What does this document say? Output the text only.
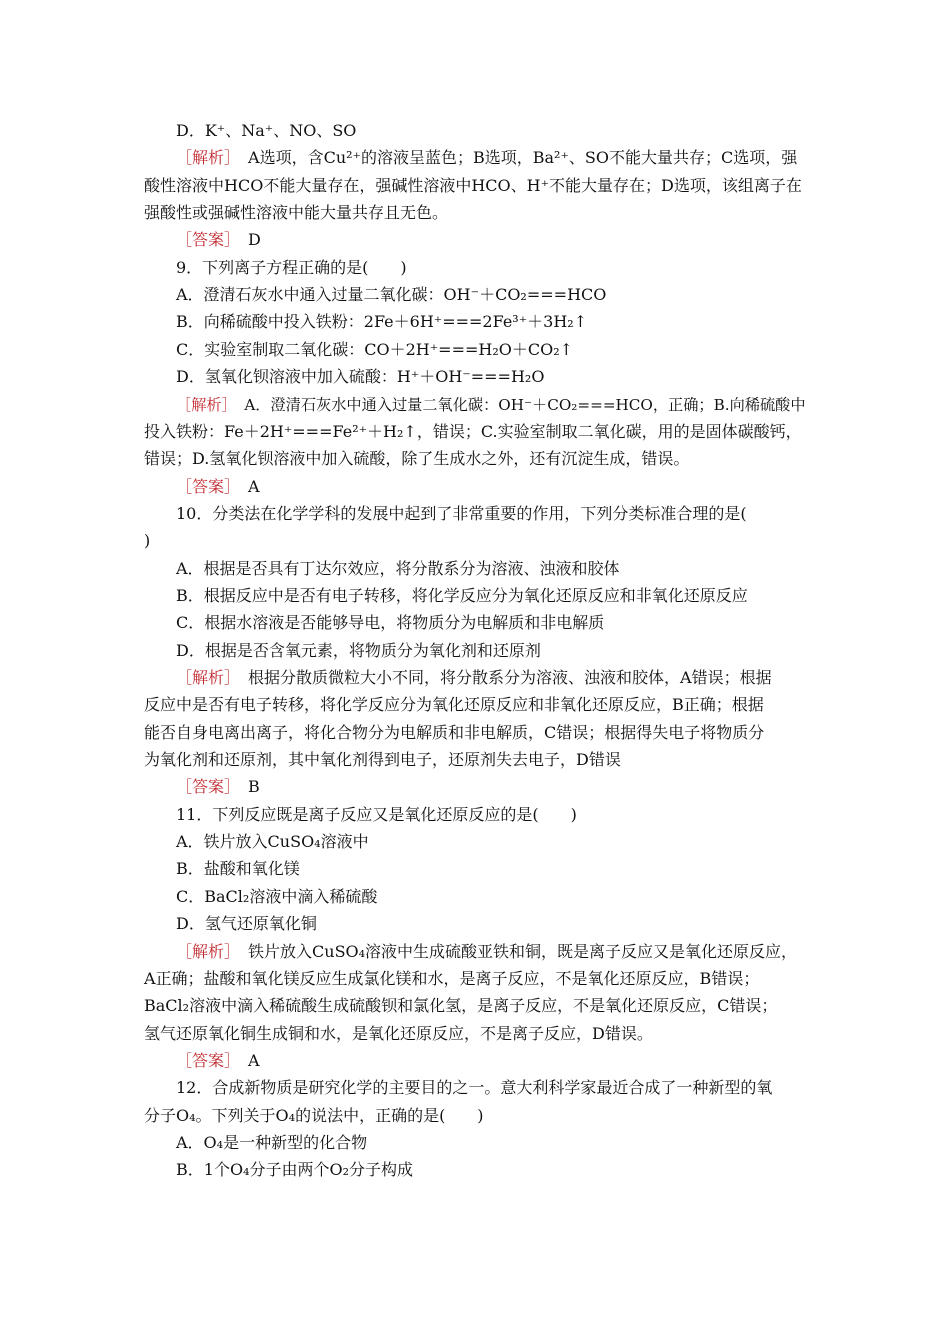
D．K⁺、Na⁺、NO、SO
［解析］　A选项，含Cu²⁺的溶液呈蓝色；B选项，Ba²⁺、SO不能大量共存；C选项，强
酸性溶液中HCO不能大量存在，强碱性溶液中HCO、H⁺不能大量存在；D选项，该组离子在
强酸性或强碱性溶液中能大量共存且无色。
［答案］　D
9．下列离子方程正确的是(　　)
A．澄清石灰水中通入过量二氧化碳：OH⁻＋CO₂===HCO
B．向稀硫酸中投入铁粉：2Fe＋6H⁺===2Fe³⁺＋3H₂↑
C．实验室制取二氧化碳：CO＋2H⁺===H₂O＋CO₂↑
D．氢氧化钡溶液中加入硫酸：H⁺＋OH⁻===H₂O
［解析］　A．澄清石灰水中通入过量二氧化碳：OH⁻＋CO₂===HCO，正确；B.向稀硫酸中
投入铁粉：Fe＋2H⁺===Fe²⁺＋H₂↑，错误；C.实验室制取二氧化碳，用的是固体碳酸钙，
错误；D.氢氧化钡溶液中加入硫酸，除了生成水之外，还有沉淀生成，错误。
［答案］　A
10．分类法在化学学科的发展中起到了非常重要的作用，下列分类标准合理的是(
)
A．根据是否具有丁达尔效应，将分散系分为溶液、浊液和胶体
B．根据反应中是否有电子转移，将化学反应分为氧化还原反应和非氧化还原反应
C．根据水溶液是否能够导电，将物质分为电解质和非电解质
D．根据是否含氧元素，将物质分为氧化剂和还原剂
［解析］　根据分散质微粒大小不同，将分散系分为溶液、浊液和胶体，A错误；根据
反应中是否有电子转移，将化学反应分为氧化还原反应和非氧化还原反应，B正确；根据
能否自身电离出离子，将化合物分为电解质和非电解质，C错误；根据得失电子将物质分
为氧化剂和还原剂，其中氧化剂得到电子，还原剂失去电子，D错误
［答案］　B
11．下列反应既是离子反应又是氧化还原反应的是(　　)
A．铁片放入CuSO₄溶液中
B．盐酸和氧化镁
C．BaCl₂溶液中滴入稀硫酸
D．氢气还原氧化铜
［解析］　铁片放入CuSO₄溶液中生成硫酸亚铁和铜，既是离子反应又是氧化还原反应，
A正确；盐酸和氧化镁反应生成氯化镁和水，是离子反应，不是氧化还原反应，B错误；
BaCl₂溶液中滴入稀硫酸生成硫酸钡和氯化氢，是离子反应，不是氧化还原反应，C错误；
氢气还原氧化铜生成铜和水，是氧化还原反应，不是离子反应，D错误。
［答案］　A
12．合成新物质是研究化学的主要目的之一。意大利科学家最近合成了一种新型的氧
分子O₄。下列关于O₄的说法中，正确的是(　　)
A．O₄是一种新型的化合物
B．1个O₄分子由两个O₂分子构成
